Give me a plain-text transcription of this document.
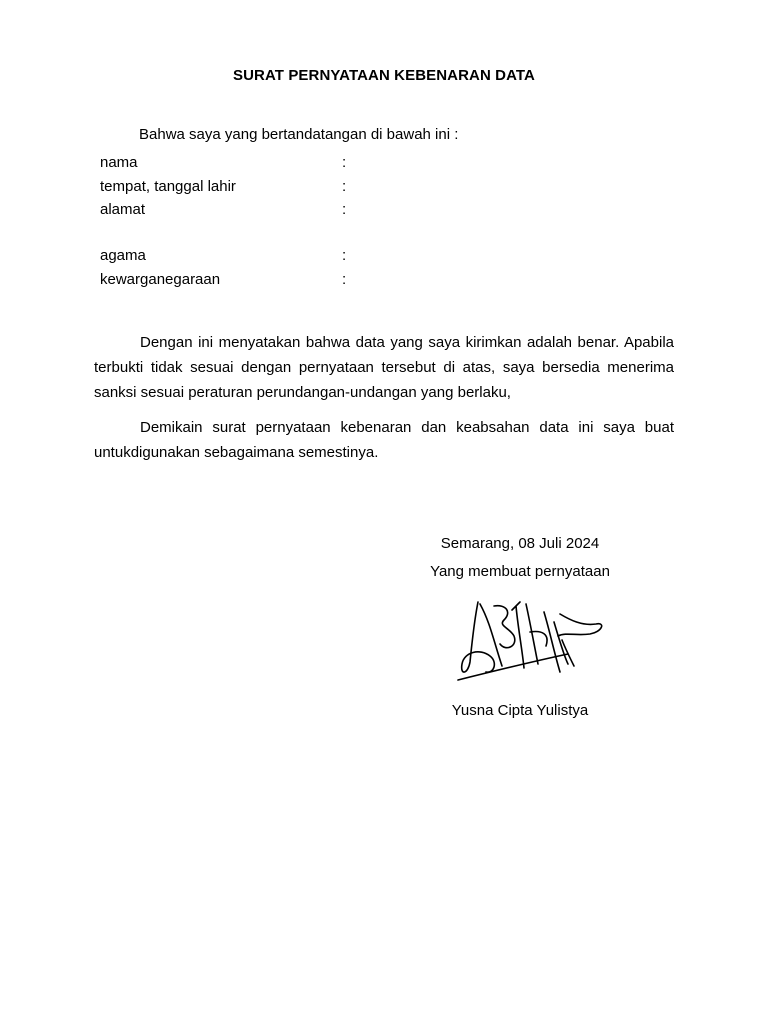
SURAT PERNYATAAN KEBENARAN DATA
Bahwa saya yang bertandatangan di bawah ini :
nama	:
tempat, tanggal lahir	:
alamat	:
agama	:
kewarganegaraan	:
Dengan ini menyatakan bahwa data yang saya kirimkan adalah benar. Apabila terbukti tidak sesuai dengan pernyataan tersebut di atas, saya bersedia menerima sanksi sesuai peraturan perundangan-undangan yang berlaku,
Demikain surat pernyataan kebenaran dan keabsahan data ini saya buat untukdigunakan sebagaimana semestinya.
Semarang, 08 Juli 2024
Yang membuat pernyataan
Yusna Cipta Yulistya
